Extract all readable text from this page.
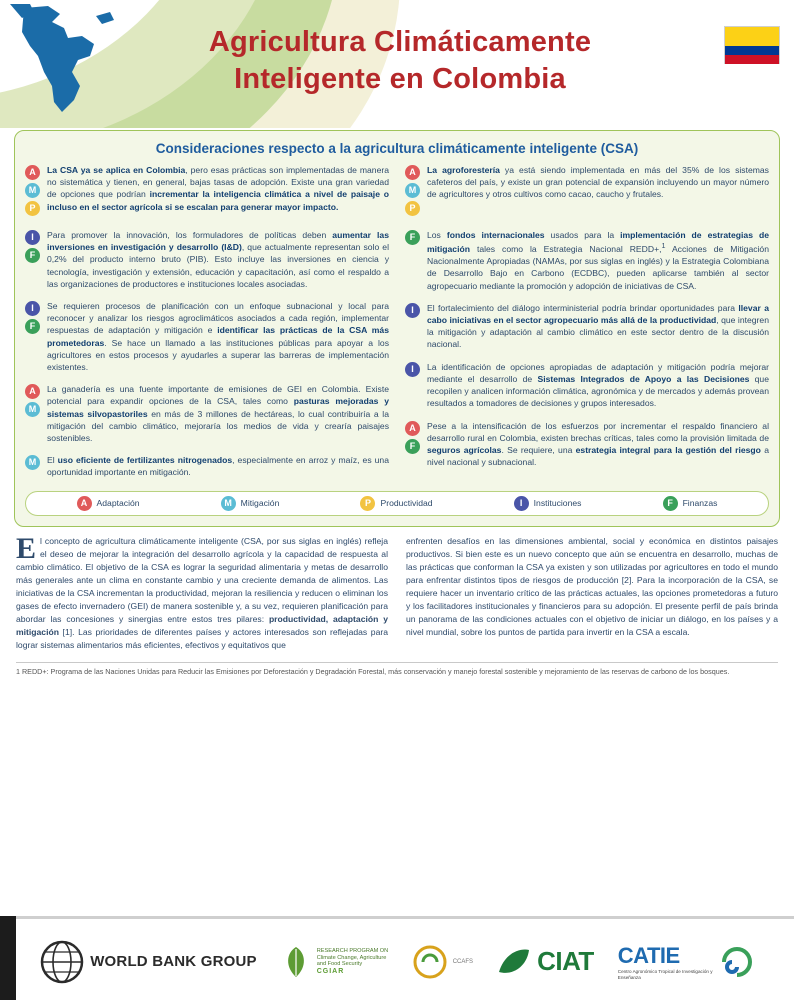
Agricultura Climáticamente
Inteligente en Colombia
Consideraciones respecto a la agricultura climáticamente inteligente (CSA)
A
M
P
La CSA ya se aplica en Colombia, pero esas prácticas son implementadas de manera no sistemática y tienen, en general, bajas tasas de adopción. Existe una gran variedad de opciones que podrían incrementar la inteligencia climática a nivel de paisaje o incluso en el sector agrícola si se escalan para generar mayor impacto.
I
F
Para promover la innovación, los formuladores de políticas deben aumentar las inversiones en investigación y desarrollo (I&D), que actualmente representan solo el 0,2% del producto interno bruto (PIB). Esto incluye las inversiones en ciencia y tecnología, investigación y extensión, educación y capacitación, así como el respaldo a las organizaciones de productores e instituciones locales asociadas.
I
F
Se requieren procesos de planificación con un enfoque subnacional y local para reconocer y analizar los riesgos agroclimáticos asociados a cada región, implementar respuestas de adaptación y mitigación e identificar las prácticas de la CSA más prometedoras. Se hace un llamado a las instituciones públicas para apoyar a los agricultores en estos procesos y ayudarles a superar las barreras de implementación existentes.
A
M
La ganadería es una fuente importante de emisiones de GEI en Colombia. Existe potencial para expandir opciones de la CSA, tales como pasturas mejoradas y sistemas silvopastoriles en más de 3 millones de hectáreas, lo cual contribuiría a la mitigación del cambio climático, mejoraría los medios de vida y crearía paisajes sostenibles.
M	El uso eficiente de fertilizantes nitrogenados, especialmente en arroz y maíz, es una oportunidad importante en mitigación.
A
M
P
La agroforestería ya está siendo implementada en más del 35% de los sistemas cafeteros del país, y existe un gran potencial de expansión incluyendo un mayor número de agricultores y otros cultivos como cacao, caucho y frutales.
F	Los fondos internacionales usados para la implementación de estrategias de mitigación tales como la Estrategia Nacional REDD+,$^1$ Acciones de Mitigación Nacionalmente Apropiadas (NAMAs, por sus siglas en inglés) y la Estrategia Colombiana de Desarrollo Bajo en Carbono (ECDBC), pueden aplicarse también al sector agropecuario mediante la promoción y adopción de iniciativas de CSA.
I	El fortalecimiento del diálogo interministerial podría brindar oportunidades para llevar a cabo iniciativas en el sector agropecuario más allá de la productividad, que integren la mitigación y adaptación al cambio climático en este sector dentro de la discusión nacional.
I	La identificación de opciones apropiadas de adaptación y mitigación podría mejorar mediante el desarrollo de Sistemas Integrados de Apoyo a las Decisiones que recopilen y analicen información climática, agronómica y de mercados y además provean resultados a tomadores de decisiones y grupos interesados.
A
F
Pese a la intensificación de los esfuerzos por incrementar el respaldo financiero al desarrollo rural en Colombia, existen brechas críticas, tales como la provisión limitada de seguros agrícolas. Se requiere, una estrategia integral para la gestión del riesgo a nivel nacional y subnacional.
A	Adaptación	M	Mitigación	P	Productividad	I	Instituciones	F	Finanzas
El concepto de agricultura climáticamente inteligente (CSA, por sus siglas en inglés) refleja el deseo de mejorar la integración del desarrollo agrícola y la capacidad de respuesta al cambio climático. El objetivo de la CSA es lograr la seguridad alimentaria y metas de desarrollo más generales ante un clima en constante cambio y una creciente demanda de alimentos. Las iniciativas de la CSA incrementan la productividad, mejoran la resiliencia y reducen o eliminan los gases de efecto invernadero (GEI) de manera sostenible y, a su vez, requieren planificación para abordar las concesiones y sinergias entre estos tres pilares: productividad, adaptación y mitigación [1]. Las prioridades de diferentes países y actores interesados son reflejadas para lograr sistemas alimentarios más eficientes, efectivos y equitativos que
enfrenten desafíos en las dimensiones ambiental, social y económica en distintos paisajes productivos. Si bien este es un nuevo concepto que aún se encuentra en desarrollo, muchas de las prácticas que conforman la CSA ya existen y son utilizadas por agricultores en todo el mundo para enfrentar distintos tipos de riesgos de producción [2]. Para la incorporación de la CSA, se requiere hacer un inventario crítico de las prácticas actuales, las opciones prometedoras a futuro y los facilitadores institucionales y financieros para su adopción. El presente perfil de país brinda un panorama de las condiciones actuales con el objetivo de iniciar un diálogo, en los países y a nivel mundial, sobre los puntos de partida para invertir en la CSA a escala.
1 REDD+: Programa de las Naciones Unidas para Reducir las Emisiones por Deforestación y Degradación Forestal, más conservación y manejo forestal sostenible y mejoramiento de las reservas de carbono de los bosques.
WORLD BANK GROUP
RESEARCH PROGRAM ON
Climate Change, Agriculture and Food Security
CGIAR
CCAFS CIAT CATIE
Centro Agronómico Tropical de Investigación y Enseñanza
